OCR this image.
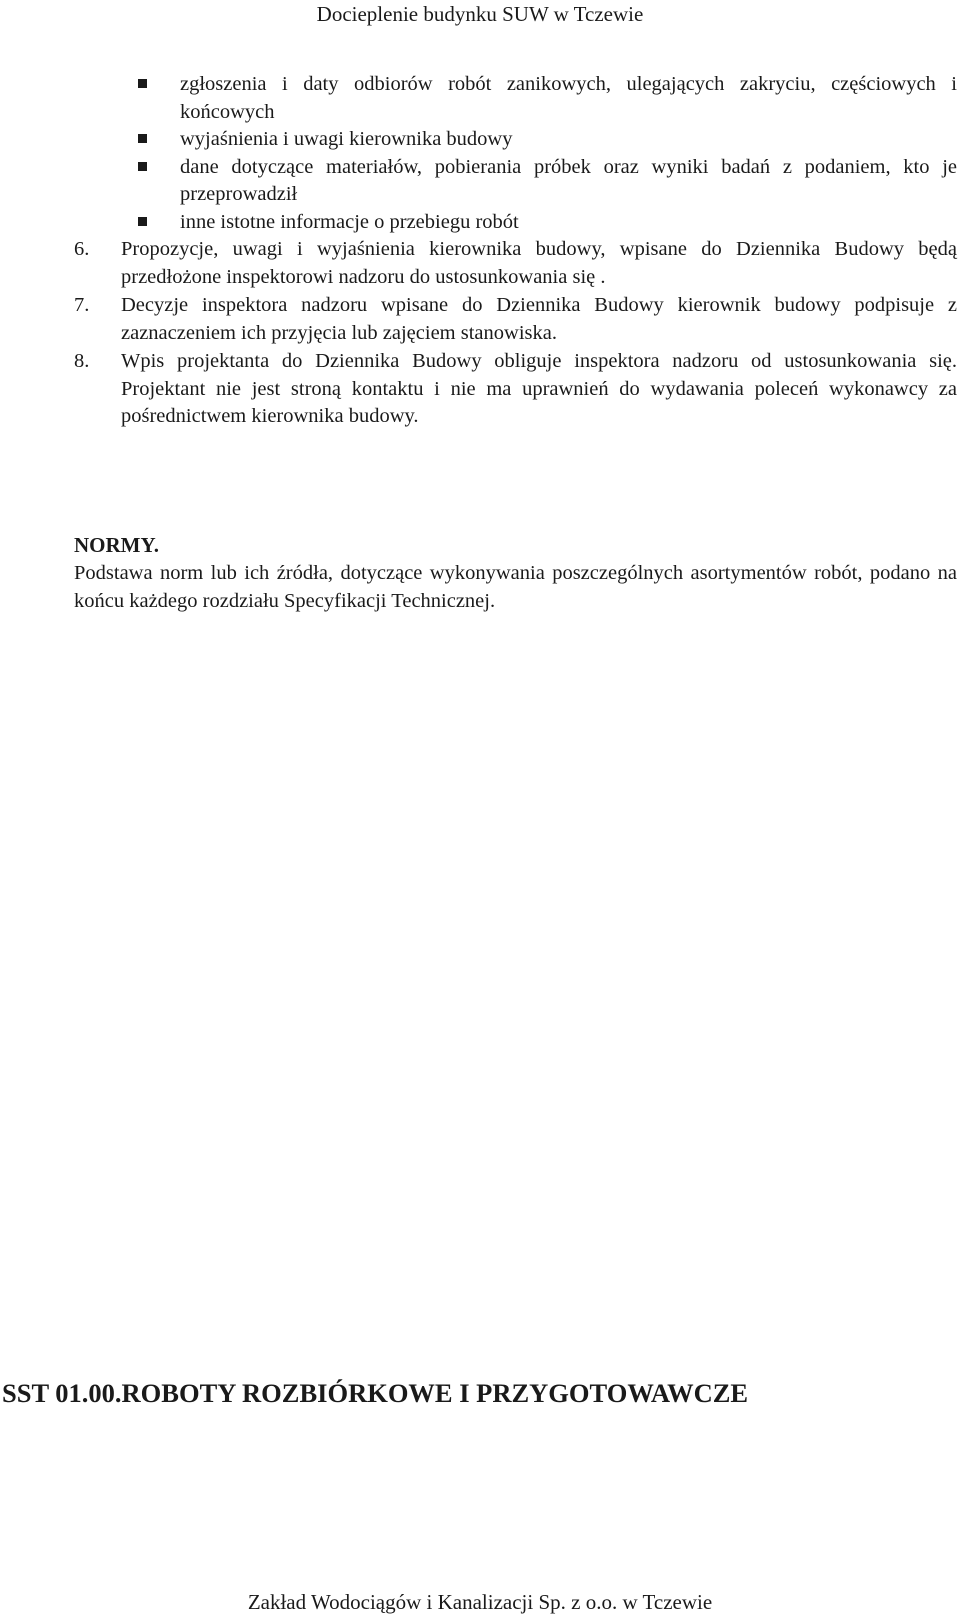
Docieplenie budynku SUW w Tczewie
zgłoszenia i daty odbiorów robót zanikowych, ulegających zakryciu, częściowych i końcowych
wyjaśnienia i uwagi kierownika budowy
dane dotyczące materiałów, pobierania próbek oraz wyniki badań z podaniem, kto je przeprowadził
inne istotne informacje o przebiegu robót
6. Propozycje, uwagi i wyjaśnienia kierownika budowy, wpisane do Dziennika Budowy będą przedłożone inspektorowi nadzoru do ustosunkowania się .
7. Decyzje inspektora nadzoru wpisane do Dziennika Budowy kierownik budowy podpisuje z zaznaczeniem ich przyjęcia lub zajęciem stanowiska.
8. Wpis projektanta do Dziennika Budowy obliguje inspektora nadzoru od ustosunkowania się. Projektant nie jest stroną kontaktu i nie ma uprawnień do wydawania poleceń wykonawcy za pośrednictwem kierownika budowy.
NORMY.
Podstawa norm lub ich źródła, dotyczące wykonywania poszczególnych asortymentów robót, podano na końcu każdego rozdziału Specyfikacji Technicznej.
SST 01.00.ROBOTY ROZBIÓRKOWE I PRZYGOTOWAWCZE
Zakład Wodociągów i Kanalizacji Sp. z o.o. w Tczewie
